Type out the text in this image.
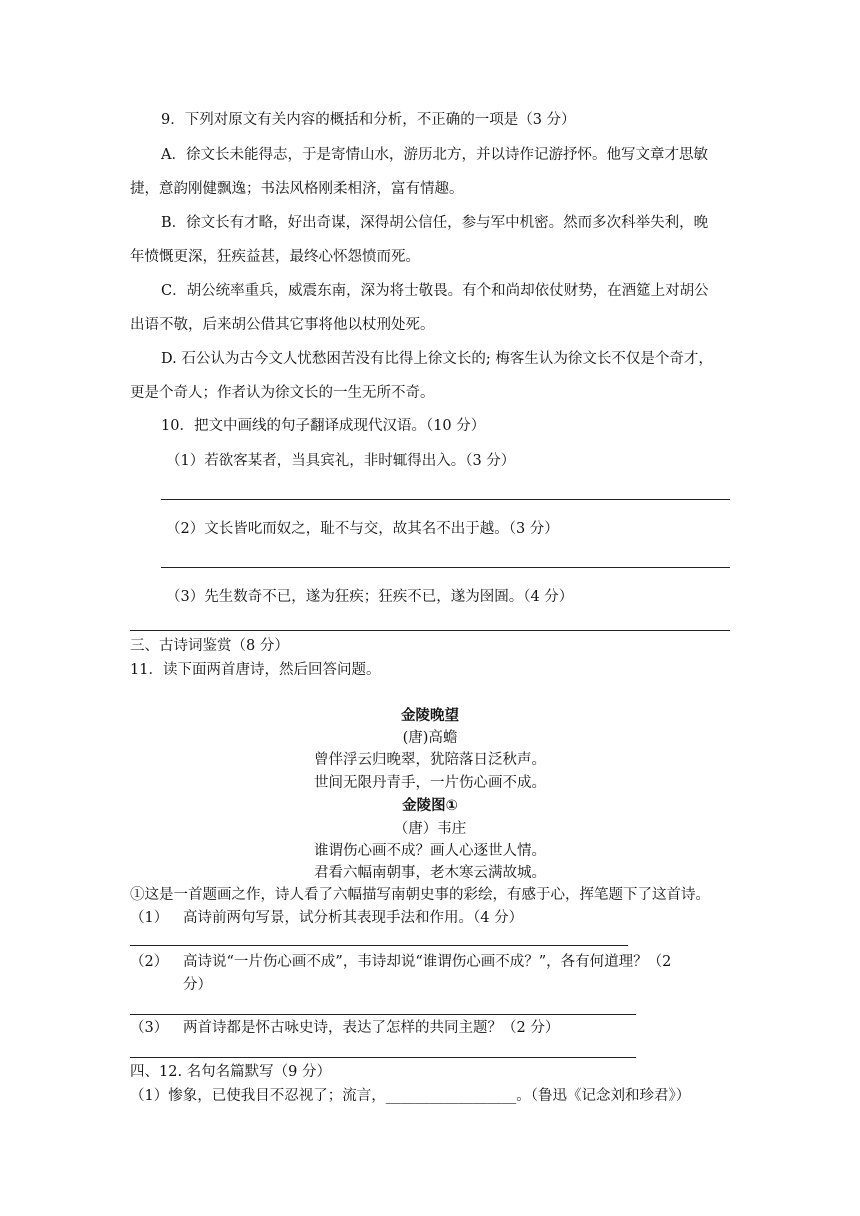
9．下列对原文有关内容的概括和分析，不正确的一项是（3 分）
A．徐文长未能得志，于是寄情山水，游历北方，并以诗作记游抒怀。他写文章才思敏
捷，意韵刚健飘逸；书法风格刚柔相济，富有情趣。
B．徐文长有才略，好出奇谋，深得胡公信任，参与军中机密。然而多次科举失利，晚
年愤慨更深，狂疾益甚，最终心怀怨愤而死。
C．胡公统率重兵，威震东南，深为将士敬畏。有个和尚却依仗财势，在酒筵上对胡公
出语不敬，后来胡公借其它事将他以杖刑处死。
D. 石公认为古今文人忧愁困苦没有比得上徐文长的; 梅客生认为徐文长不仅是个奇才，
更是个奇人；作者认为徐文长的一生无所不奇。
10．把文中画线的句子翻译成现代汉语。（10 分）
（1）若欲客某者，当具宾礼，非时辄得出入。（3 分）
（2）文长皆叱而奴之，耻不与交，故其名不出于越。（3 分）
（3）先生数奇不已，遂为狂疾；狂疾不已，遂为囹圄。（4 分）
三、古诗词鉴赏（8 分）
11．读下面两首唐诗，然后回答问题。
金陵晚望
(唐)高蟾
曾伴浮云归晚翠，犹陪落日泛秋声。
世间无限丹青手，一片伤心画不成。
金陵图①
（唐）韦庄
谁谓伤心画不成？画人心逐世人情。
君看六幅南朝事，老木寒云满故城。
①这是一首题画之作，诗人看了六幅描写南朝史事的彩绘，有感于心，挥笔题下了这首诗。
（1） 高诗前两句写景，试分析其表现手法和作用。（4 分）
（2） 高诗说“一片伤心画不成”，韦诗却说“谁谓伤心画不成？”，各有何道理？（2
分）
（3） 两首诗都是怀古咏史诗，表达了怎样的共同主题？（2 分）
四、12. 名句名篇默写（9 分）
（1）惨象，已使我目不忍视了；流言，__________________。（鲁迅《记念刘和珍君》）
